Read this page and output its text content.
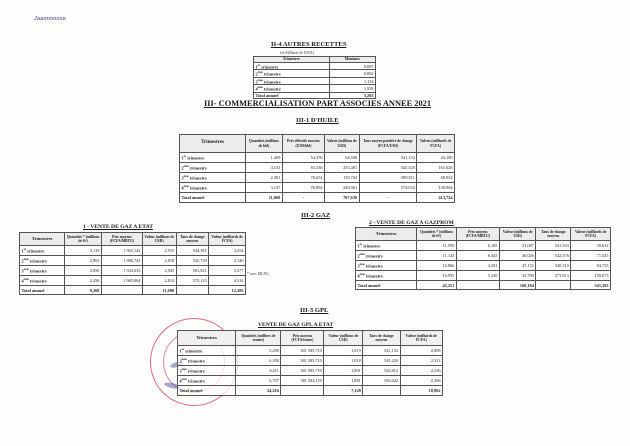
Jaaonnoose
II-4 AUTRES RECETTES
(en Milliards de FCFA)
Trimestres	Montants
1er trimestre	0,087
2ème trimestre	0,082
3ème trimestre	1,114
4ème trimestre	1,938
Total annuel	3,203
III- COMMERCIALISATION PART ASSOCIES ANNEE 2021
III-1 D'HUILE
Trimestres	Quantités (millions de bbl)	Prix effectifs moyens (USD/bbl)	Valeur (millions de USD)	Taux moyen pondéré de change (FCFA/USD)	Valeur (milliards de FCFA)
1er trimestre	1,409	54,376	64,500	541,132	44,180
2ème trimestre	4,131	61,336	253,481	545,520	161,626
3ème trimestre	2,381	70,654	159,704	589,811	68,954
4ème trimestre	3,147	76,802	240,961	574,032	138,964
Total annuel	11,069	-	707,630	-	413,724
III-2 GAZ
1 - VENTE DE GAZ A ETAT
Trimestres	Quantités * (millions de ft³)	Prix moyens (FCFA/MBTU)	Valeur (millions de USD)	Taux de change moyens	Valeur (milliards de FCFA)
1er trimestre	2,119	1 965,142	2,915	544,381	2,454
2ème trimestre	2,802	1 906,743	2,818	545,729	2,140
3ème trimestre	2,850	1 943,033	2,945	581,921	3,377
4ème trimestre	2,256	1 965,864	2,812	575,125	4,314
Total annuel	9,268		11,690		12,385
* avec MLNG
2 - VENTE DE GAZ A GAZPROM
Trimestres	Quantités * (millions de ft³)	Prix moyens (FCFA/MBTU)	Valeur (millions de USD)	Taux de change moyens	Valeur (milliards de FCFA)
1er trimestre	11,595	6,185	21,087	541,333	39,612
2ème trimestre	11,143	6,445	46,026	542,376	71,345
3ème trimestre	10,866	4,291	47,155	548,315	84,755
4ème trimestre	10,955	5,330	43,700	573,813	139,073
Total annuel	42,251		160,184		341,383
III-3 GPL
VENTE DE GAZ GPL A ETAT
Trimestres	Quantités (milliers de tonnes)	Prix moyens (FCFA/tonne)	Valeur (millions de USD)	Taux de change moyens	Valeur (milliards de FCFA)
1er trimestre	5,290	381 583,710	1,819	541,133	2,008
2ème trimestre	6,450	381 583,710	1,818	545,220	2,313
3ème trimestre	6,211	381 583,710	1,801	526,812	2,236
4ème trimestre	6,757	381 584,110	1,881	556,022	2,366
Total annuel	24,216		7,128		10,962
